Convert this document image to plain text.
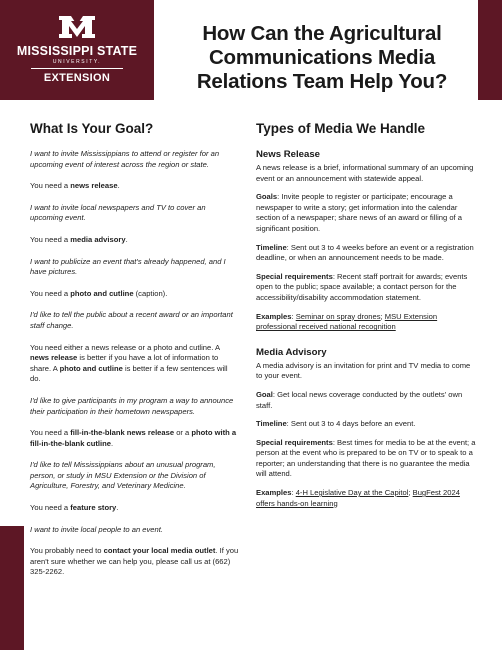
MISSISSIPPI STATE
UNIVERSITY.
EXTENSION
How Can the Agricultural Communications Media Relations Team Help You?
What Is Your Goal?
I want to invite Mississippians to attend or register for an upcoming event of interest across the region or state.
You need a news release.
I want to invite local newspapers and TV to cover an upcoming event.
You need a media advisory.
I want to publicize an event that's already happened, and I have pictures.
You need a photo and cutline (caption).
I'd like to tell the public about a recent award or an important staff change.
You need either a news release or a photo and cutline. A news release is better if you have a lot of information to share. A photo and cutline is better if a few sentences will do.
I'd like to give participants in my program a way to announce their participation in their hometown newspapers.
You need a fill-in-the-blank news release or a photo with a fill-in-the-blank cutline.
I'd like to tell Mississippians about an unusual program, person, or study in MSU Extension or the Division of Agriculture, Forestry, and Veterinary Medicine.
You need a feature story.
I want to invite local people to an event.
You probably need to contact your local media outlet. If you aren't sure whether we can help you, please call us at (662) 325-2262.
Types of Media We Handle
News Release
A news release is a brief, informational summary of an upcoming event or an announcement with statewide appeal.
Goals: Invite people to register or participate; encourage a newspaper to write a story; get information into the calendar section of a newspaper; share news of an award or filling of a significant position.
Timeline: Sent out 3 to 4 weeks before an event or a registration deadline, or when an announcement needs to be made.
Special requirements: Recent staff portrait for awards; events open to the public; space available; a contact person for the accessibility/disability accommodation statement.
Examples: Seminar on spray drones; MSU Extension professional received national recognition
Media Advisory
A media advisory is an invitation for print and TV media to come to your event.
Goal: Get local news coverage conducted by the outlets' own staff.
Timeline: Sent out 3 to 4 days before an event.
Special requirements: Best times for media to be at the event; a person at the event who is prepared to be on TV or to speak to a reporter; an understanding that there is no guarantee the media will attend.
Examples: 4-H Legislative Day at the Capitol; BugFest 2024 offers hands-on learning
